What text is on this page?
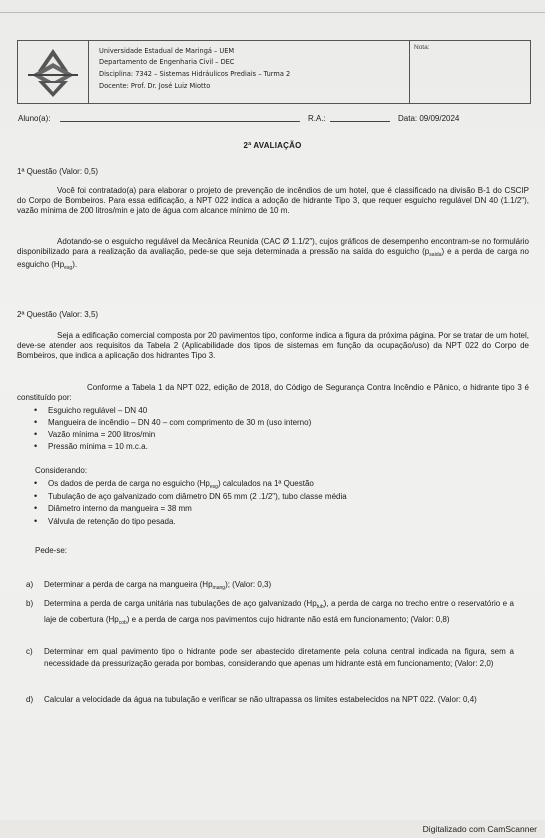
Universidade Estadual de Maringá – UEM
Departamento de Engenharia Civil – DEC
Disciplina: 7342 – Sistemas Hidráulicos Prediais – Turma 2
Docente: Prof. Dr. José Luiz Miotto
Nota:
Aluno(a):	R.A.:	Data: 09/09/2024
2ª AVALIAÇÃO
1ª Questão (Valor: 0,5)
Você foi contratado(a) para elaborar o projeto de prevenção de incêndios de um hotel, que é classificado na divisão B-1 do CSCIP do Corpo de Bombeiros. Para essa edificação, a NPT 022 indica a adoção de hidrante Tipo 3, que requer esguicho regulável DN 40 (1.1/2"), vazão mínima de 200 litros/min e jato de água com alcance mínimo de 10 m.
Adotando-se o esguicho regulável da Mecânica Reunida (CAC Ø 1.1/2"), cujos gráficos de desempenho encontram-se no formulário disponibilizado para a realização da avaliação, pede-se que seja determinada a pressão na saída do esguicho $(p_{saída})$ e a perda de carga no esguicho $(Hp_{esg})$.
2ª Questão (Valor: 3,5)
Seja a edificação comercial composta por 20 pavimentos tipo, conforme indica a figura da próxima página. Por se tratar de um hotel, deve-se atender aos requisitos da Tabela 2 (Aplicabilidade dos tipos de sistemas em função da ocupação/uso) da NPT 022 do Corpo de Bombeiros, que indica a aplicação dos hidrantes Tipo 3.
Conforme a Tabela 1 da NPT 022, edição de 2018, do Código de Segurança Contra Incêndio e Pânico, o hidrante tipo 3 é constituído por:
• Esguicho regulável – DN 40
• Mangueira de incêndio – DN 40 – com comprimento de 30 m (uso interno)
• Vazão mínima = 200 litros/min
• Pressão mínima = 10 m.c.a.
Considerando:
• Os dados de perda de carga no esguicho $(Hp_{esg})$ calculados na 1ª Questão
• Tubulação de aço galvanizado com diâmetro DN 65 mm (2 .1/2"), tubo classe média
• Diâmetro interno da mangueira = 38 mm
• Válvula de retenção do tipo pesada.
Pede-se:
a) Determinar a perda de carga na mangueira $(Hp_{mang})$; (Valor: 0,3)
b) Determina a perda de carga unitária nas tubulações de aço galvanizado $(Hp_{tub})$, a perda de carga no trecho entre o reservatório e a laje de cobertura $(Hp_{cob})$ e a perda de carga nos pavimentos cujo hidrante não está em funcionamento; (Valor: 0,8)
c) Determinar em qual pavimento tipo o hidrante pode ser abastecido diretamente pela coluna central indicada na figura, sem a necessidade da pressurização gerada por bombas, considerando que apenas um hidrante está em funcionamento; (Valor: 2,0)
d) Calcular a velocidade da água na tubulação e verificar se não ultrapassa os limites estabelecidos na NPT 022. (Valor: 0,4)
Digitalizado com CamScanner
